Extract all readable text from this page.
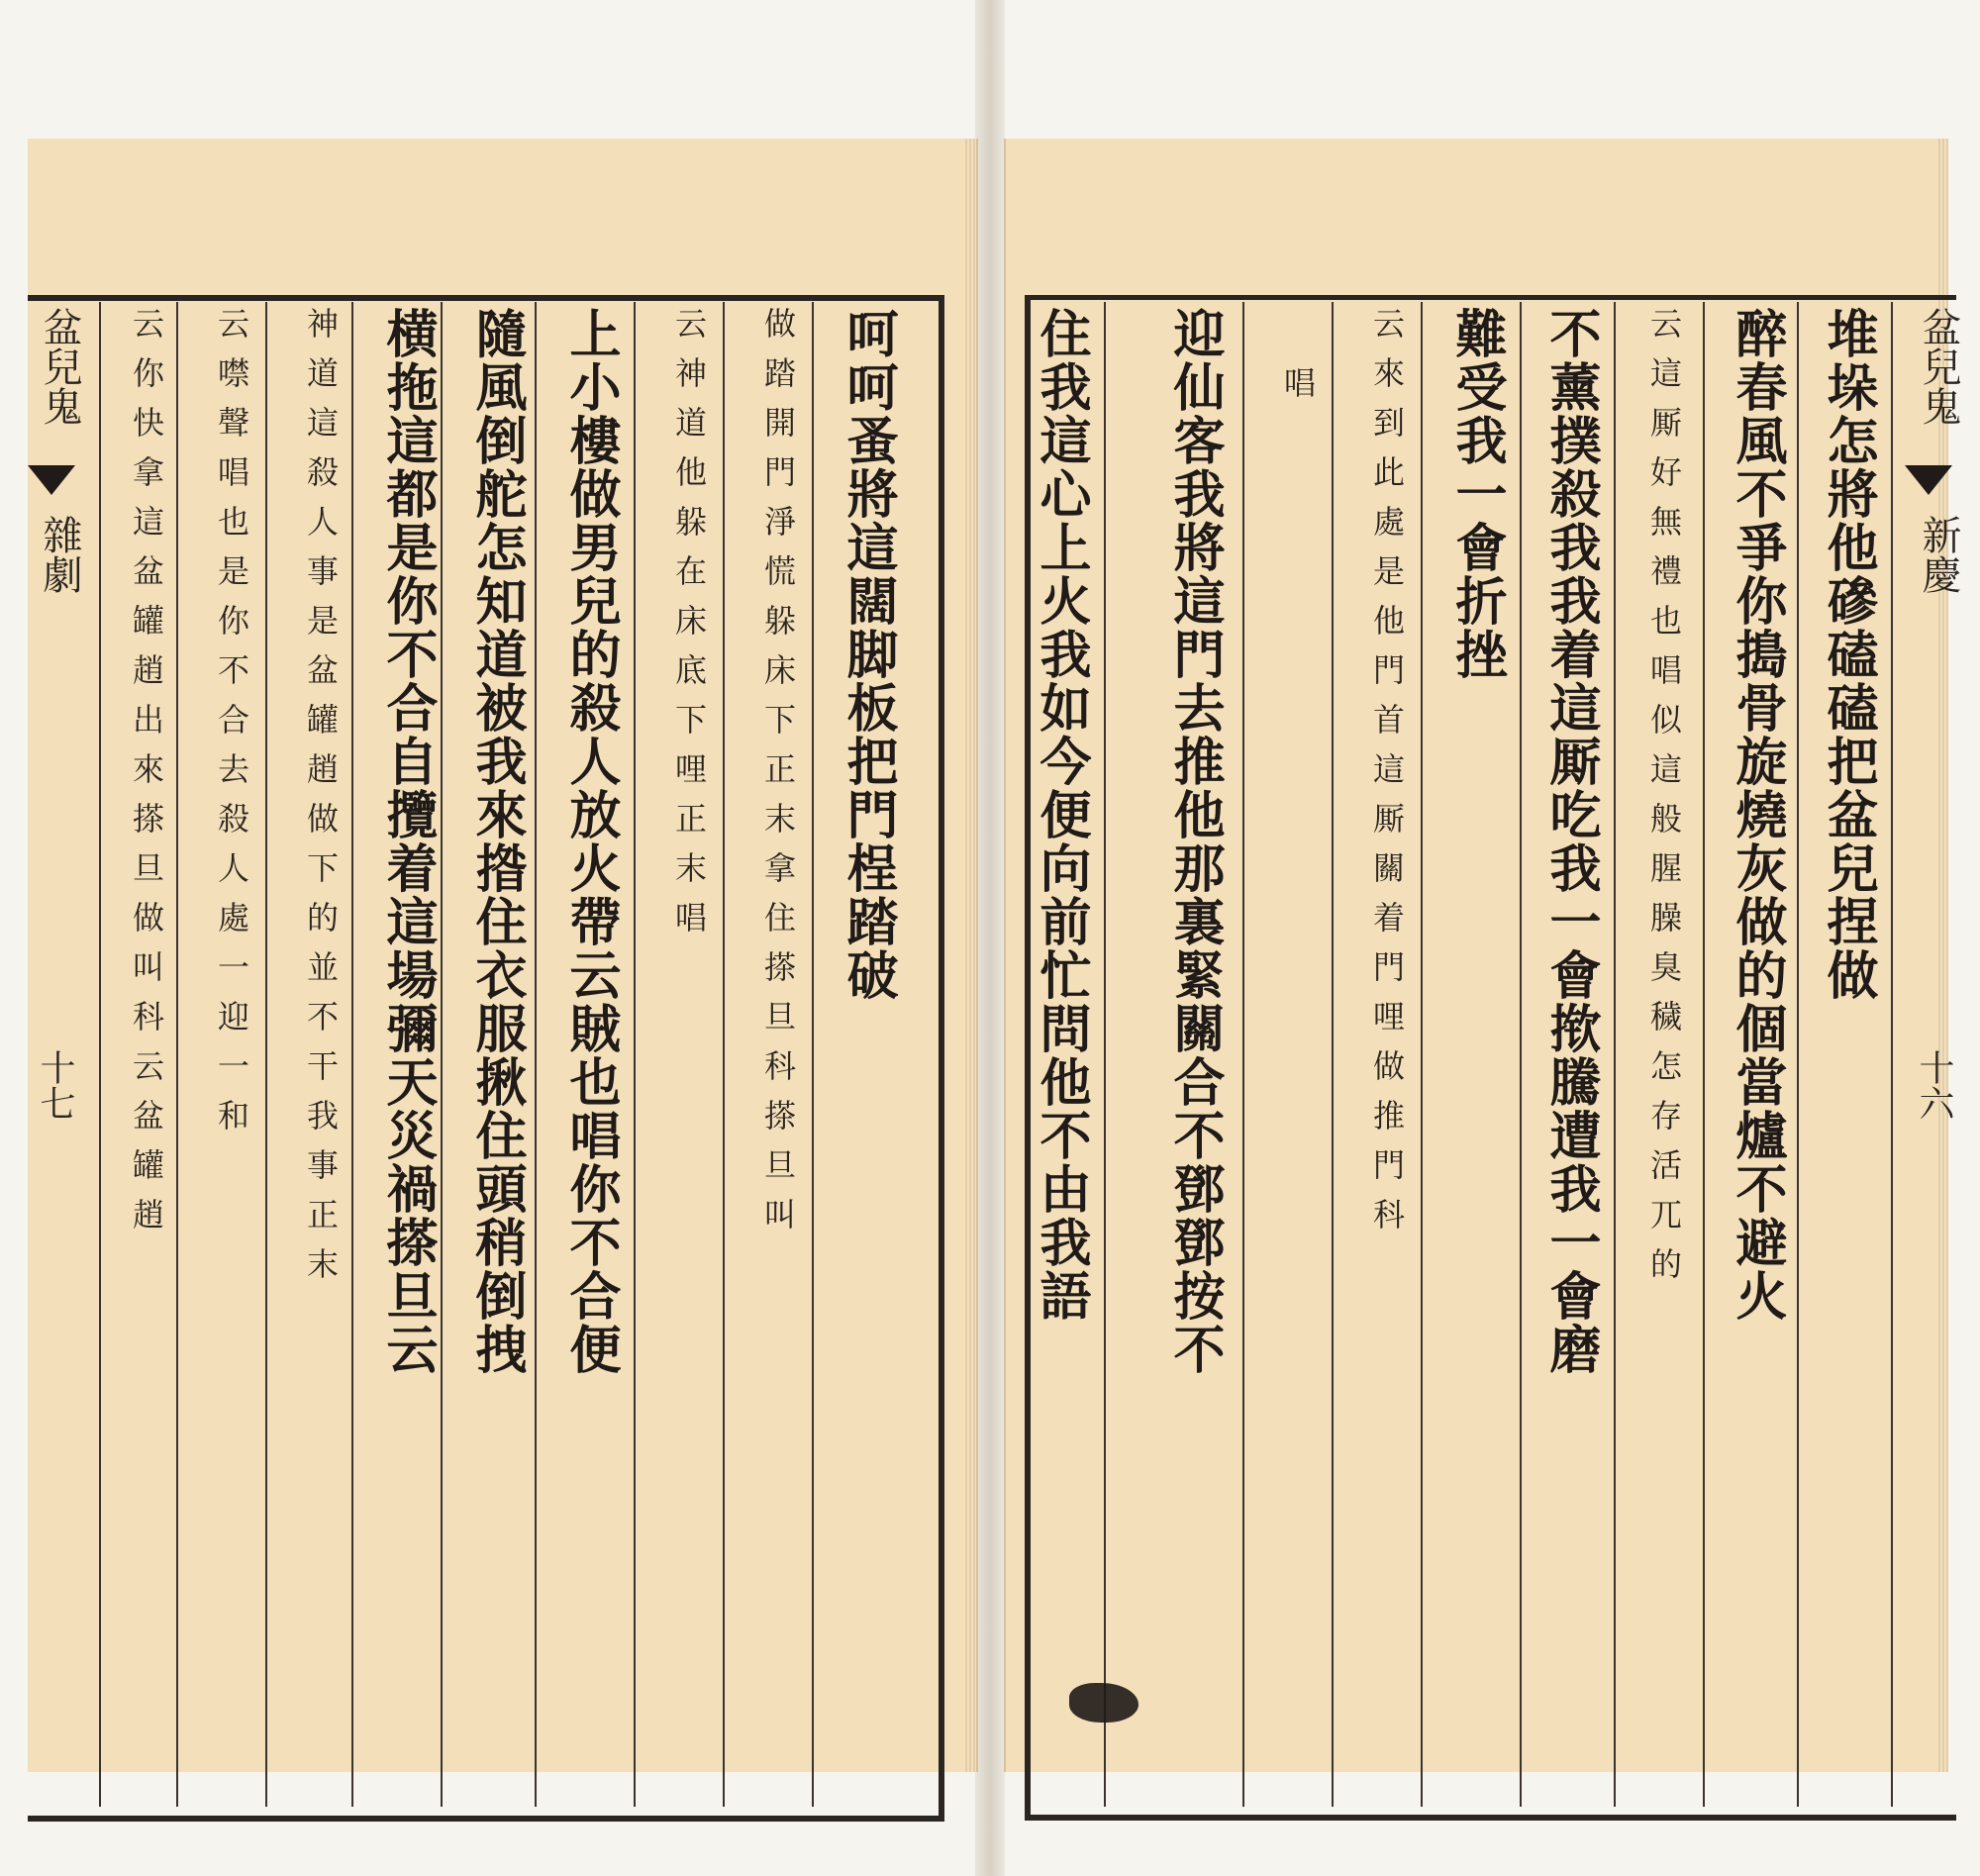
盆兒鬼
雜劇
十七
呵呵蚤將這闊脚板把門桯踏破
做踏開門淨慌躲床下正末拿住搽旦科搽旦叫
云神道他躲在床底下哩正末唱
上小樓做男兒的殺人放火帶云賊也唱你不合便
隨風倒舵怎知道被我來揝住衣服揪住頭稍倒拽
横拖這都是你不合自攬着這場彌天災禍搽旦云
神道這殺人事是盆罐趙做下的並不干我事正末
云噤聲唱也是你不合去殺人處一迎一和
云你快拿這盆罐趙出來搽旦做叫科云盆罐趙	盆兒鬼
新慶
十六
堆垛怎將他磣磕磕把盆兒捏做
醉春風不爭你搗骨旋燒灰做的個當爐不避火
云這厮好無禮也唱似這般腥臊臭穢怎存活兀的
不薰撲殺我我着這厮吃我一會揿騰遭我一會磨
難受我一會折挫
云來到此處是他門首這厮關着門哩做推門科
唱
迎仙客我將這門去推他那裏緊關合不鄧鄧按不
住我這心上火我如今便向前忙問他不由我語
